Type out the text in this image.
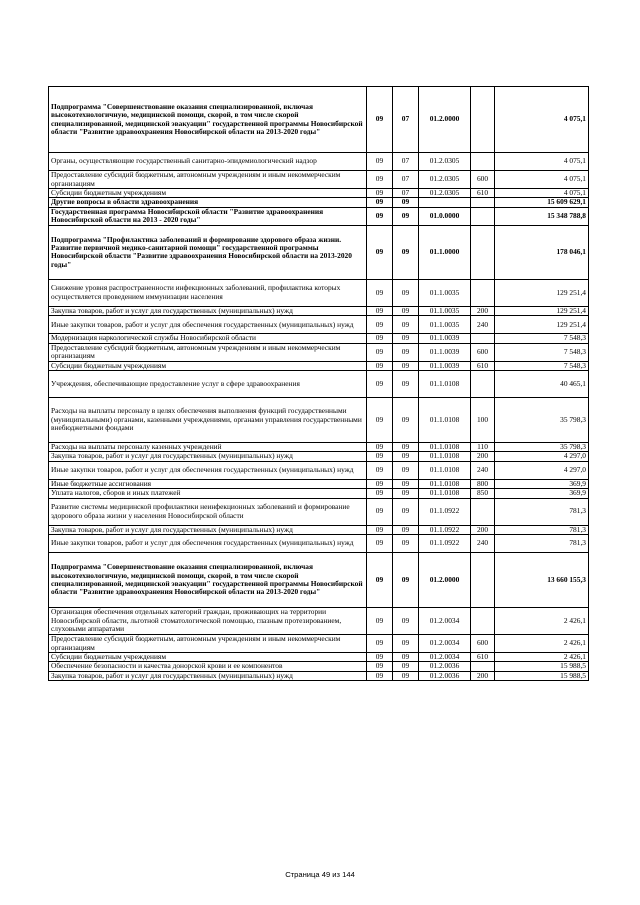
Подпрограмма "Совершенствование оказания специализированной, включая высокотехнологичную, медицинской помощи, скорой, в том числе скорой специализированной, медицинской эвакуации" государственной программы Новосибирской области "Развитие здравоохранения Новосибирской области на 2013-2020 годы"	09	07	01.2.0000		4 075,1
Органы, осуществляющие государственный санитарно-эпидемиологический надзор	09	07	01.2.0305		4 075,1
Предоставление субсидий бюджетным, автономным учреждениям и иным некоммерческим организациям	09	07	01.2.0305	600	4 075,1
Субсидии бюджетным учреждениям	09	07	01.2.0305	610	4 075,1
Другие вопросы в области здравоохранения	09	09			15 609 629,1
Государственная программа Новосибирской области "Развитие здравоохранения Новосибирской области на 2013 - 2020 годы"	09	09	01.0.0000		15 348 788,8
Подпрограмма "Профилактика заболеваний и формирование здорового образа жизни. Развитие первичной медико-санитарной помощи" государственной программы Новосибирской области "Развитие здравоохранения Новосибирской области на 2013-2020 годы"	09	09	01.1.0000		178 046,1
Снижение уровня распространенности инфекционных заболеваний, профилактика которых осуществляется проведением иммунизации населения	09	09	01.1.0035		129 251,4
Закупка товаров, работ и услуг для государственных (муниципальных) нужд	09	09	01.1.0035	200	129 251,4
Иные закупки товаров, работ и услуг для обеспечения государственных (муниципальных) нужд	09	09	01.1.0035	240	129 251,4
Модернизация наркологической службы Новосибирской области	09	09	01.1.0039		7 548,3
Предоставление субсидий бюджетным, автономным учреждениям и иным некоммерческим организациям	09	09	01.1.0039	600	7 548,3
Субсидии бюджетным учреждениям	09	09	01.1.0039	610	7 548,3
Учреждения, обеспечивающие предоставление услуг в сфере здравоохранения	09	09	01.1.0108		40 465,1
Расходы на выплаты персоналу в целях обеспечения выполнения функций государственными (муниципальными) органами, казенными учреждениями, органами управления государственными внебюджетными фондами	09	09	01.1.0108	100	35 798,3
Расходы на выплаты персоналу казенных учреждений	09	09	01.1.0108	110	35 798,3
Закупка товаров, работ и услуг для государственных (муниципальных) нужд	09	09	01.1.0108	200	4 297,0
Иные закупки товаров, работ и услуг для обеспечения государственных (муниципальных) нужд	09	09	01.1.0108	240	4 297,0
Иные бюджетные ассигнования	09	09	01.1.0108	800	369,9
Уплата налогов, сборов и иных платежей	09	09	01.1.0108	850	369,9
Развитие системы медицинской профилактики неинфекционных заболеваний и формирование здорового образа жизни у населения Новосибирской области	09	09	01.1.0922		781,3
Закупка товаров, работ и услуг для государственных (муниципальных) нужд	09	09	01.1.0922	200	781,3
Иные закупки товаров, работ и услуг для обеспечения государственных (муниципальных) нужд	09	09	01.1.0922	240	781,3
Подпрограмма "Совершенствование оказания специализированной, включая высокотехнологичную, медицинской помощи, скорой, в том числе скорой специализированной, медицинской эвакуации" государственной программы Новосибирской области "Развитие здравоохранения Новосибирской области на 2013-2020 годы"	09	09	01.2.0000		13 660 155,3
Организация обеспечения отдельных категорий граждан, проживающих на территории Новосибирской области, льготной стоматологической помощью, глазным протезированием, слуховыми аппаратами	09	09	01.2.0034		2 426,1
Предоставление субсидий бюджетным, автономным учреждениям и иным некоммерческим организациям	09	09	01.2.0034	600	2 426,1
Субсидии бюджетным учреждениям	09	09	01.2.0034	610	2 426,1
Обеспечение безопасности и качества донорской крови и ее компонентов	09	09	01.2.0036		15 988,5
Закупка товаров, работ и услуг для государственных (муниципальных) нужд	09	09	01.2.0036	200	15 988,5
Страница 49 из 144
